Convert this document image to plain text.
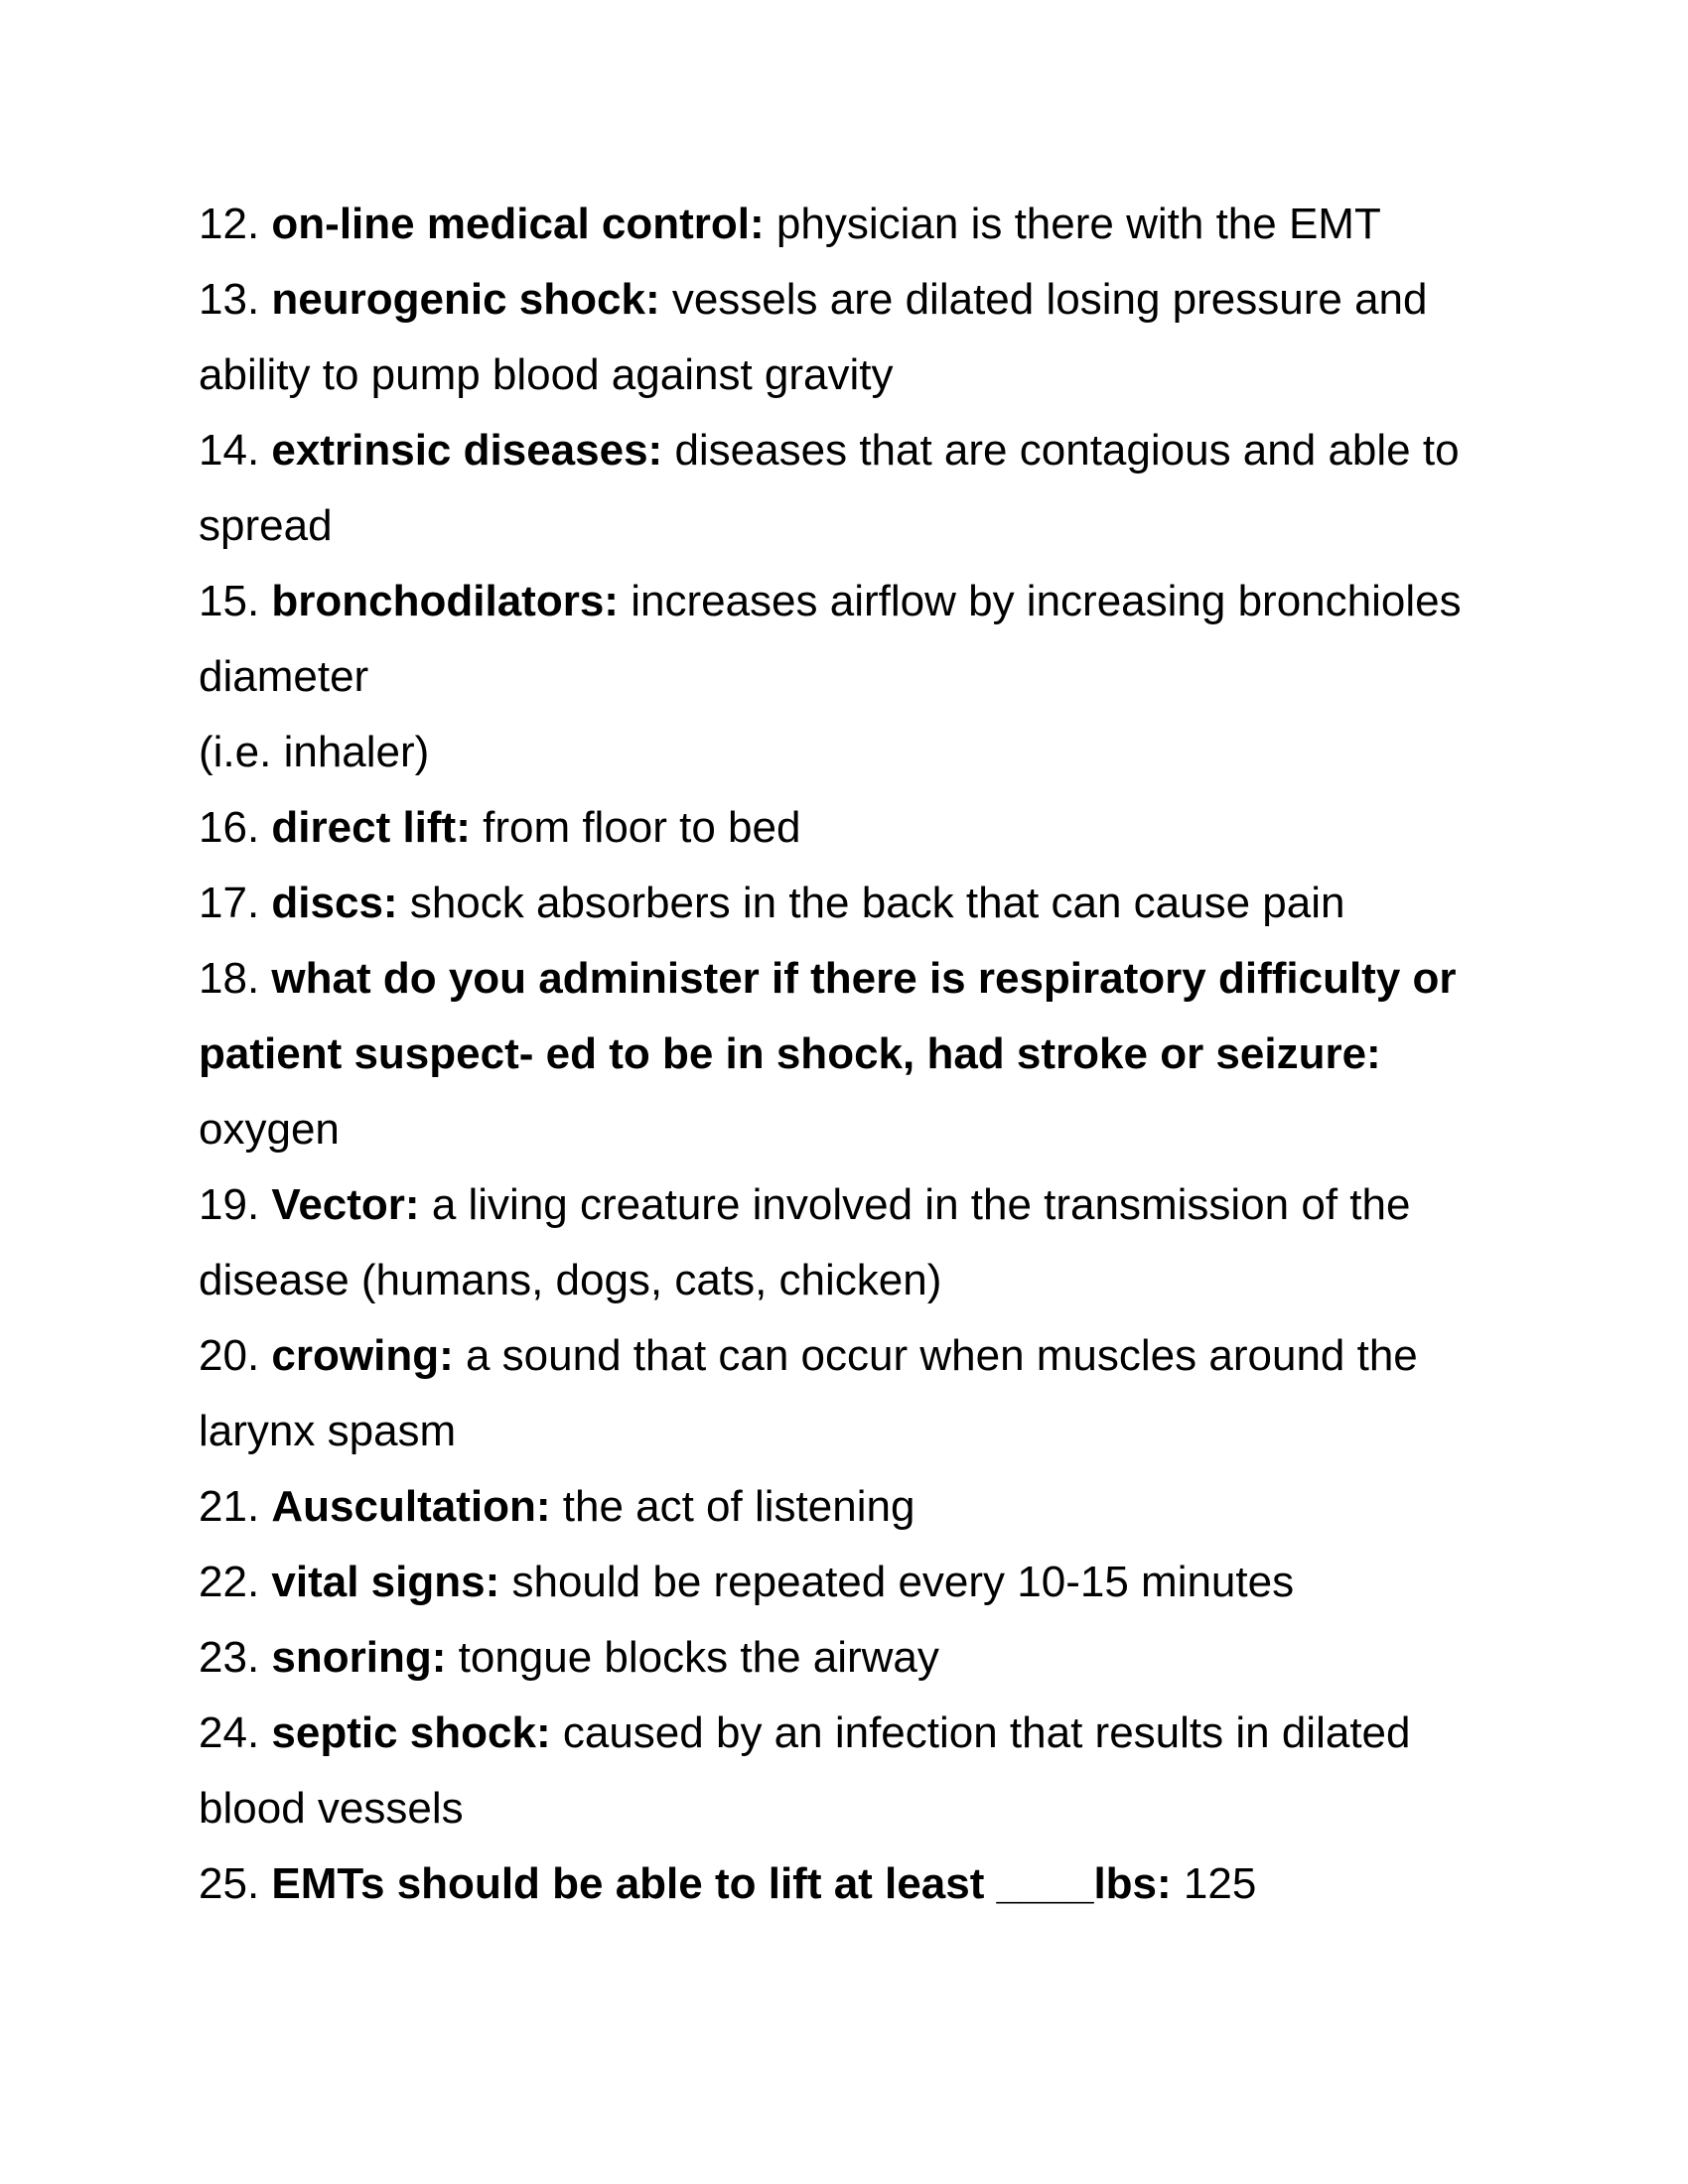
12. on-line medical control: physician is there with the EMT

13. neurogenic shock: vessels are dilated losing pressure and ability to pump blood against gravity

14. extrinsic diseases: diseases that are contagious and able to spread

15. bronchodilators: increases airflow by increasing bronchioles diameter

(i.e. inhaler)

16. direct lift: from floor to bed

17. discs: shock absorbers in the back that can cause pain

18. what do you administer if there is respiratory difficulty or patient suspect- ed to be in shock, had stroke or seizure:
oxygen

19. Vector: a living creature involved in the transmission of the disease (humans, dogs, cats, chicken)

20. crowing: a sound that can occur when muscles around the larynx spasm

21. Auscultation: the act of listening

22. vital signs: should be repeated every 10-15 minutes

23. snoring: tongue blocks the airway

24. septic shock: caused by an infection that results in dilated blood vessels

25. EMTs should be able to lift at least ____lbs: 125
